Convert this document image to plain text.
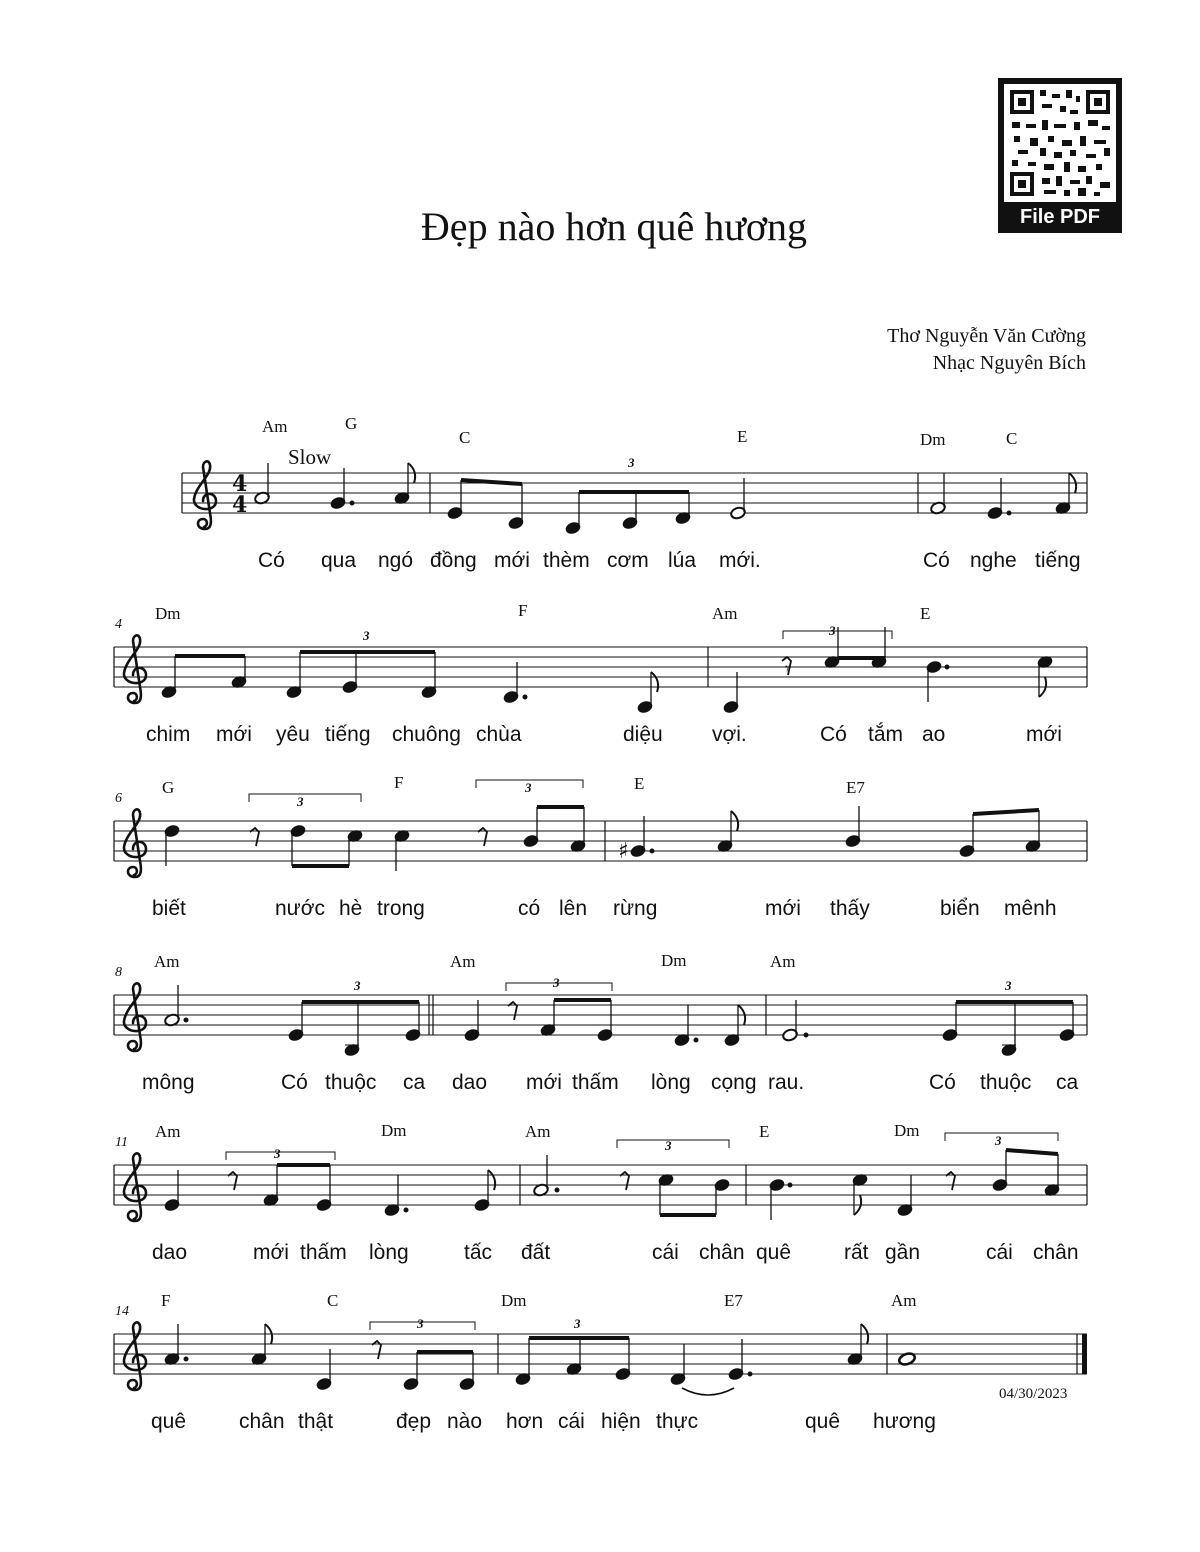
Đẹp nào hơn quê hương
Thơ Nguyễn Văn Cường
Nhạc Nguyên Bích
File PDF
4
4
Slow	3
Am	G
C	E	Dm	C
Có qua ngó đồng mới thèm cơm lúa mới.	Có nghe tiếng
4
3
𝄾
3
Dm	F	Am	E
chim mới yêu tiếng chuông chùa	diệu vợi.	Có tắm ao	mới
6	3
3
♯
G	F	E	E7
biết	nước hè trong	có lên rừng	mới thấy	biển mênh
8
3	3	3
Am	Am	Dm	Am
mông	Có thuộc ca dao mới thấm lòng cọng rau.	Có thuộc ca
11
3
3	3
Am	Dm	Am	E	Dm
dao	mới thấm lòng	tấc đất	cái chân quê	rất gần	cái chân
14
3	3
F	C	Dm	E7	Am
quê	chân thật	đẹp nào hơn cái hiện thực	quê hương
04/30/2023
